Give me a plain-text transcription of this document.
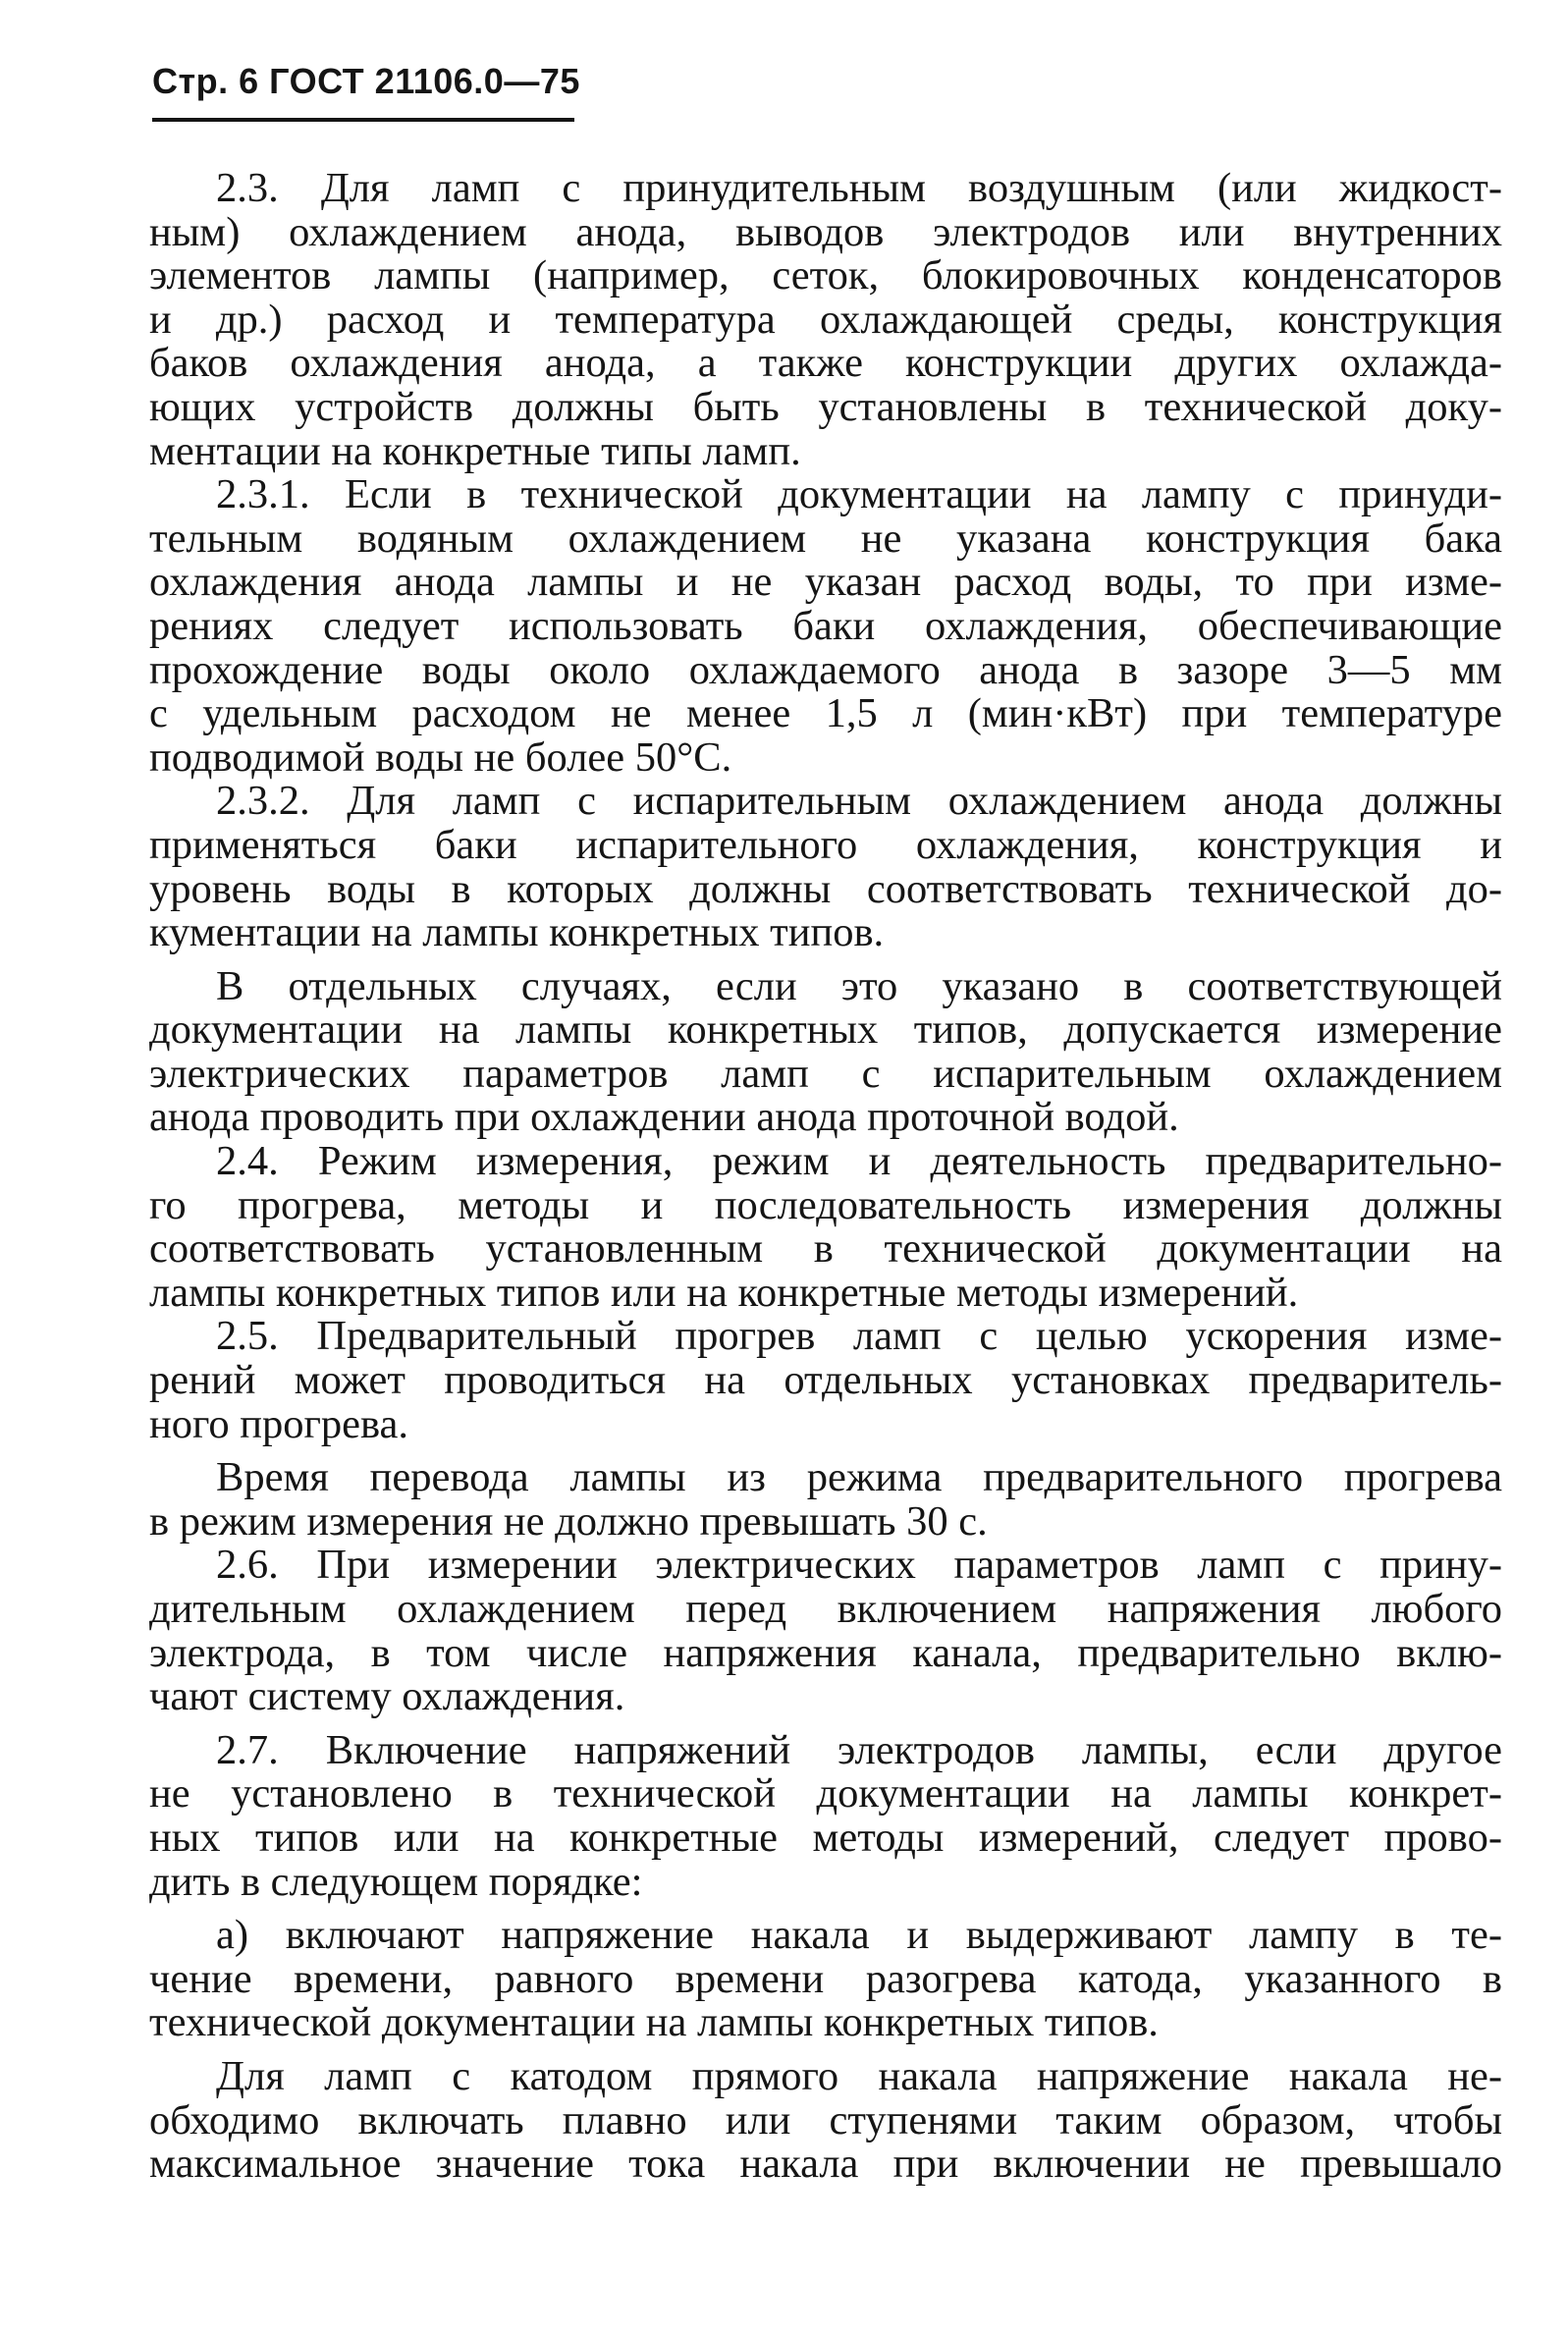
Стр. 6 ГОСТ 21106.0—75
2.3. Для ламп с принудительным воздушным (или жидкост-
ным) охлаждением анода, выводов электродов или внутренних
элементов лампы (например, сеток, блокировочных конденсаторов
и др.) расход и температура охлаждающей среды, конструкция
баков охлаждения анода, а также конструкции других охлажда-
ющих устройств должны быть установлены в технической доку-
ментации на конкретные типы ламп.
2.3.1. Если в технической документации на лампу с принуди-
тельным водяным охлаждением не указана конструкция бака
охлаждения анода лампы и не указан расход воды, то при изме-
рениях следует использовать баки охлаждения, обеспечивающие
прохождение воды около охлаждаемого анода в зазоре 3—5 мм
с удельным расходом не менее 1,5 л (мин·кВт) при температуре
подводимой воды не более 50°C.
2.3.2. Для ламп с испарительным охлаждением анода должны
применяться баки испарительного охлаждения, конструкция и
уровень воды в которых должны соответствовать технической до-
кументации на лампы конкретных типов.
В отдельных случаях, если это указано в соответствующей
документации на лампы конкретных типов, допускается измерение
электрических параметров ламп с испарительным охлаждением
анода проводить при охлаждении анода проточной водой.
2.4. Режим измерения, режим и деятельность предварительно-
го прогрева, методы и последовательность измерения должны
соответствовать установленным в технической документации на
лампы конкретных типов или на конкретные методы измерений.
2.5. Предварительный прогрев ламп с целью ускорения изме-
рений может проводиться на отдельных установках предваритель-
ного прогрева.
Время перевода лампы из режима предварительного прогрева
в режим измерения не должно превышать 30 с.
2.6. При измерении электрических параметров ламп с прину-
дительным охлаждением перед включением напряжения любого
электрода, в том числе напряжения канала, предварительно вклю-
чают систему охлаждения.
2.7. Включение напряжений электродов лампы, если другое
не установлено в технической документации на лампы конкрет-
ных типов или на конкретные методы измерений, следует прово-
дить в следующем порядке:
а) включают напряжение накала и выдерживают лампу в те-
чение времени, равного времени разогрева катода, указанного в
технической документации на лампы конкретных типов.
Для ламп с катодом прямого накала напряжение накала не-
обходимо включать плавно или ступенями таким образом, чтобы
максимальное значение тока накала при включении не превышало
